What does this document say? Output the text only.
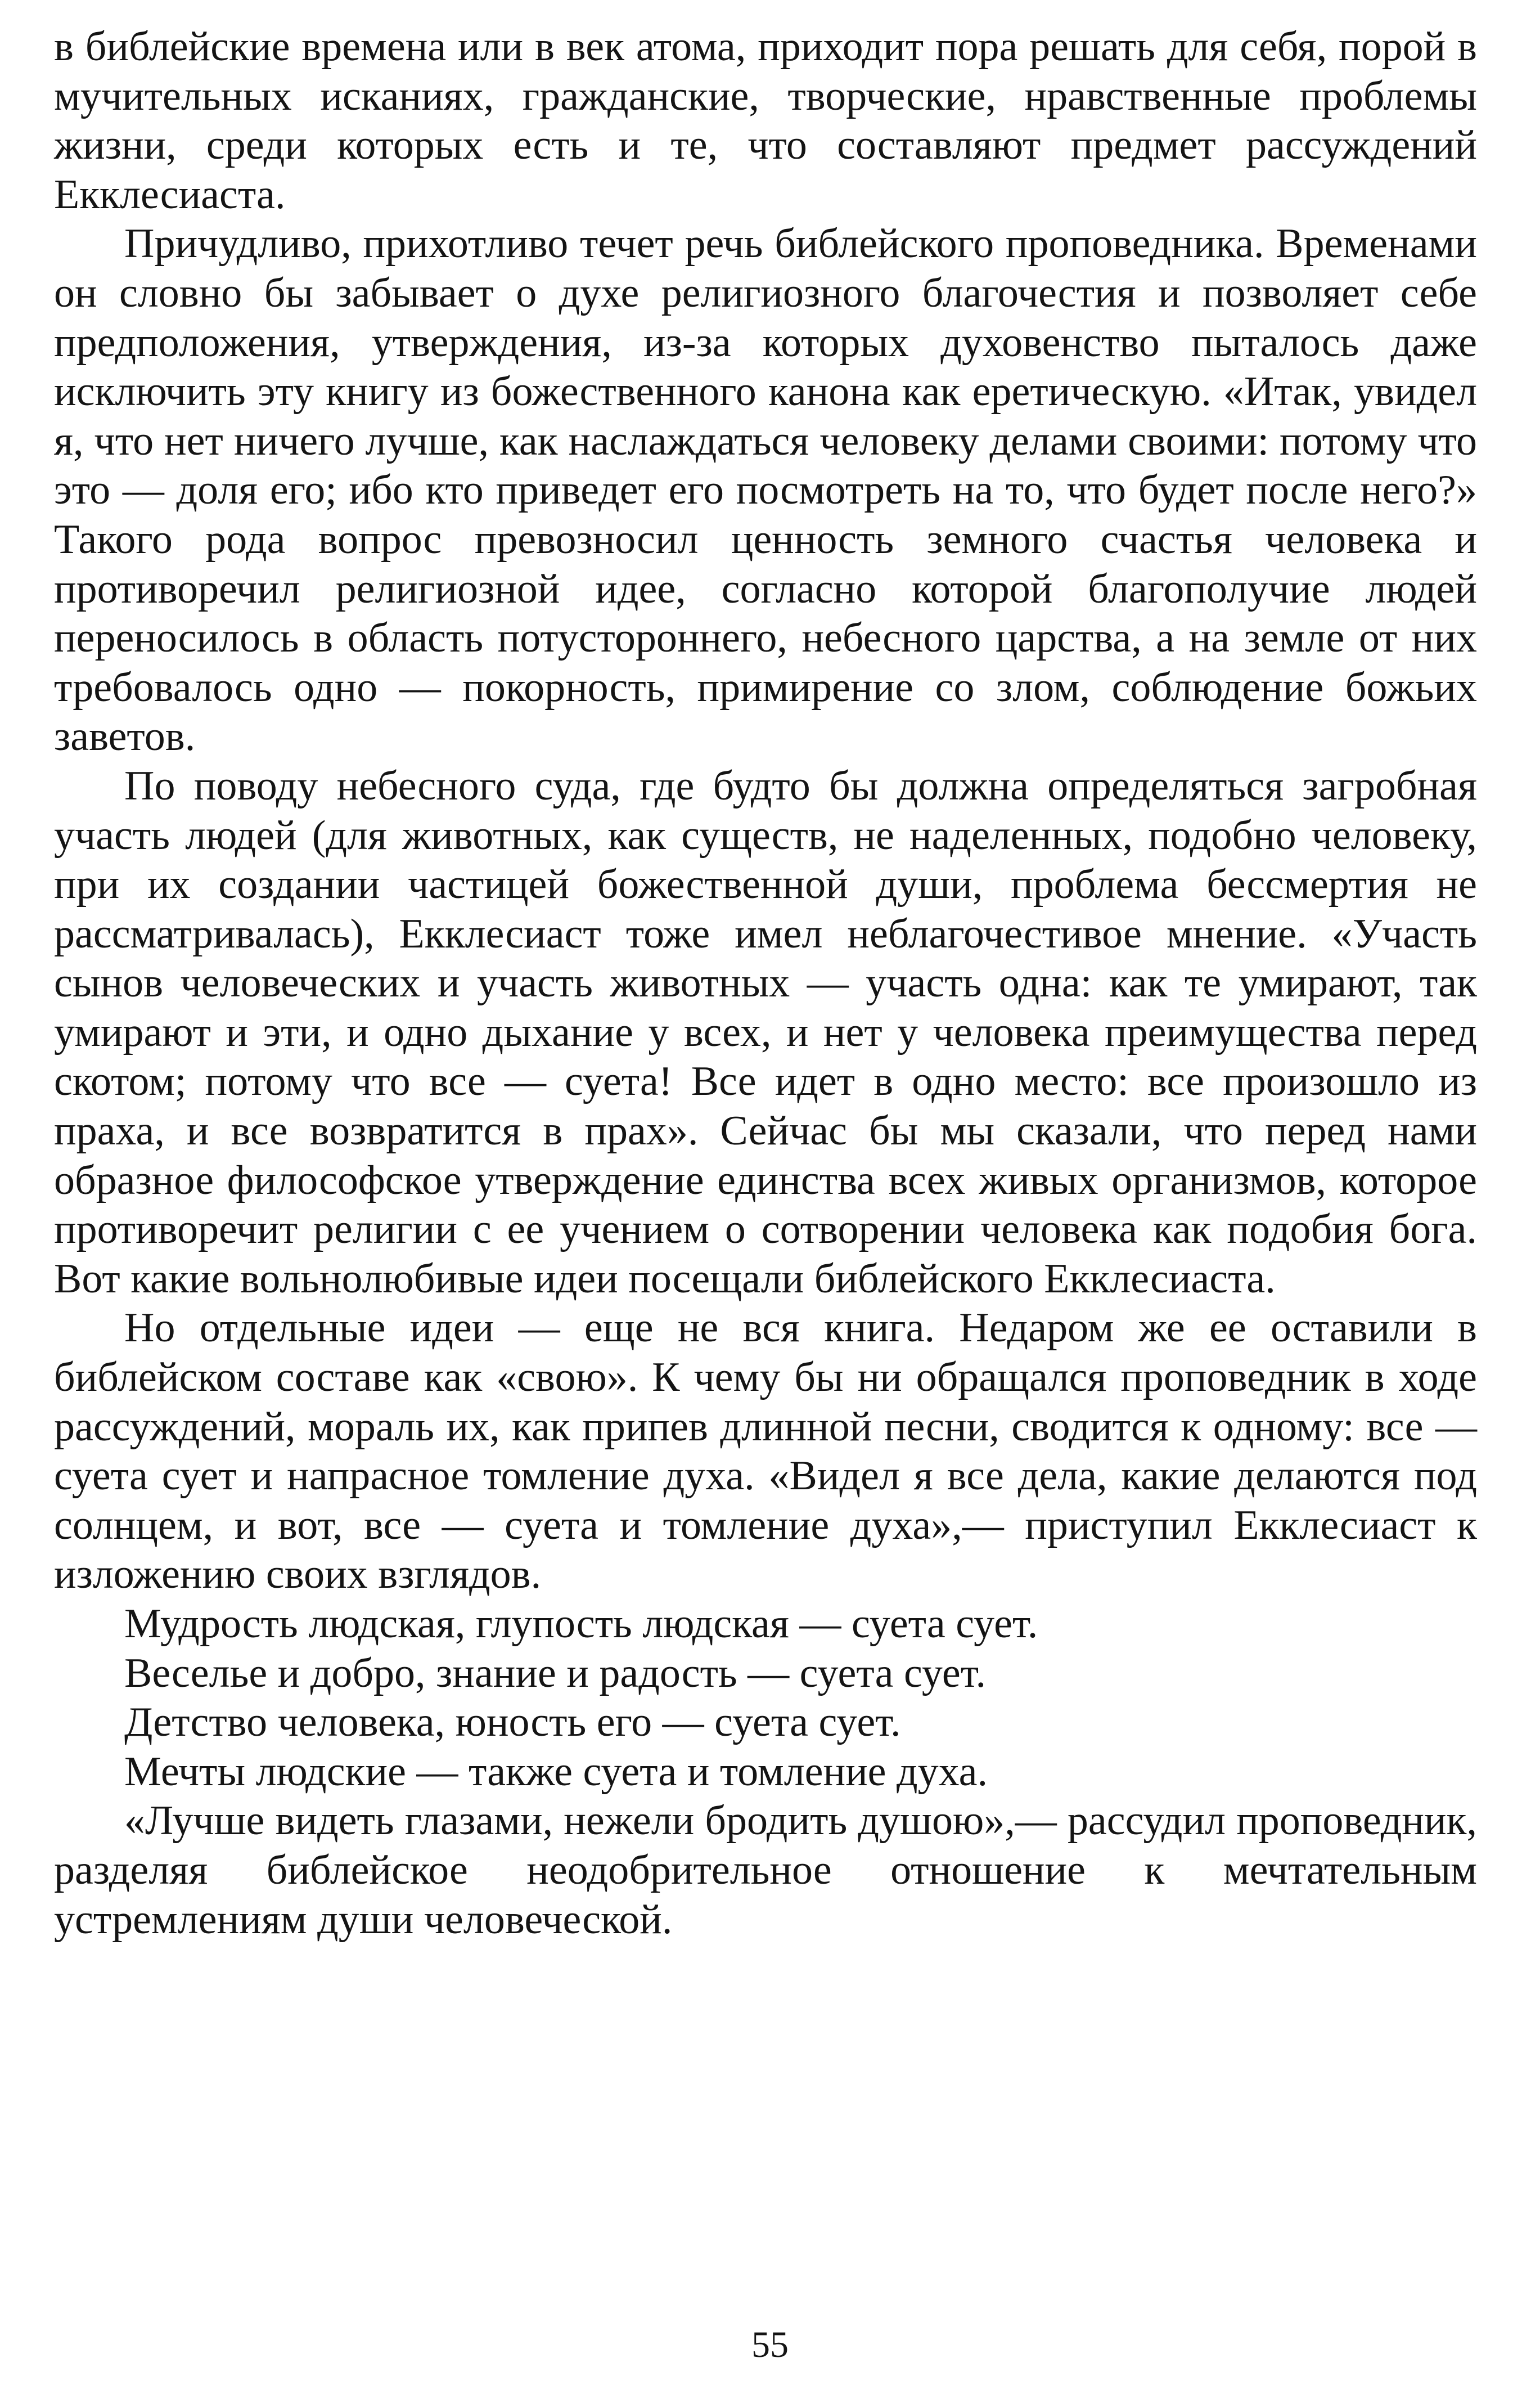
в библейские времена или в век атома, приходит пора решать для себя, порой в мучительных исканиях, гражданские, творческие, нравственные проблемы жизни, среди которых есть и те, что составляют предмет рассуждений Екклесиаста.

Причудливо, прихотливо течет речь библейского проповедника. Временами он словно бы забывает о духе религиозного благочестия и позволяет себе предположения, утверждения, из-за которых духовенство пыталось даже исключить эту книгу из божественного канона как еретическую. «Итак, увидел я, что нет ничего лучше, как наслаждаться человеку делами своими: потому что это — доля его; ибо кто приведет его посмотреть на то, что будет после него?» Такого рода вопрос превозносил ценность земного счастья человека и противоречил религиозной идее, согласно которой благополучие людей переносилось в область потустороннего, небесного царства, а на земле от них требовалось одно — покорность, примирение со злом, соблюдение божьих заветов.

По поводу небесного суда, где будто бы должна определяться загробная участь людей (для животных, как существ, не наделенных, подобно человеку, при их создании частицей божественной души, проблема бессмертия не рассматривалась), Екклесиаст тоже имел неблагочестивое мнение. «Участь сынов человеческих и участь животных — участь одна: как те умирают, так умирают и эти, и одно дыхание у всех, и нет у человека преимущества перед скотом; потому что все — суета! Все идет в одно место: все произошло из праха, и все возвратится в прах». Сейчас бы мы сказали, что перед нами образное философское утверждение единства всех живых организмов, которое противоречит религии с ее учением о сотворении человека как подобия бога. Вот какие вольнолюбивые идеи посещали библейского Екклесиаста.

Но отдельные идеи — еще не вся книга. Недаром же ее оставили в библейском составе как «свою». К чему бы ни обращался проповедник в ходе рассуждений, мораль их, как припев длинной песни, сводится к одному: все — суета сует и напрасное томление духа. «Видел я все дела, какие делаются под солнцем, и вот, все — суета и томление духа»,— приступил Екклесиаст к изложению своих взглядов.

Мудрость людская, глупость людская — суета сует.

Веселье и добро, знание и радость — суета сует.

Детство человека, юность его — суета сует.

Мечты людские — также суета и томление духа.

«Лучше видеть глазами, нежели бродить душою»,— рассудил проповедник, разделяя библейское неодобрительное отношение к мечтательным устремлениям души человеческой.

55
